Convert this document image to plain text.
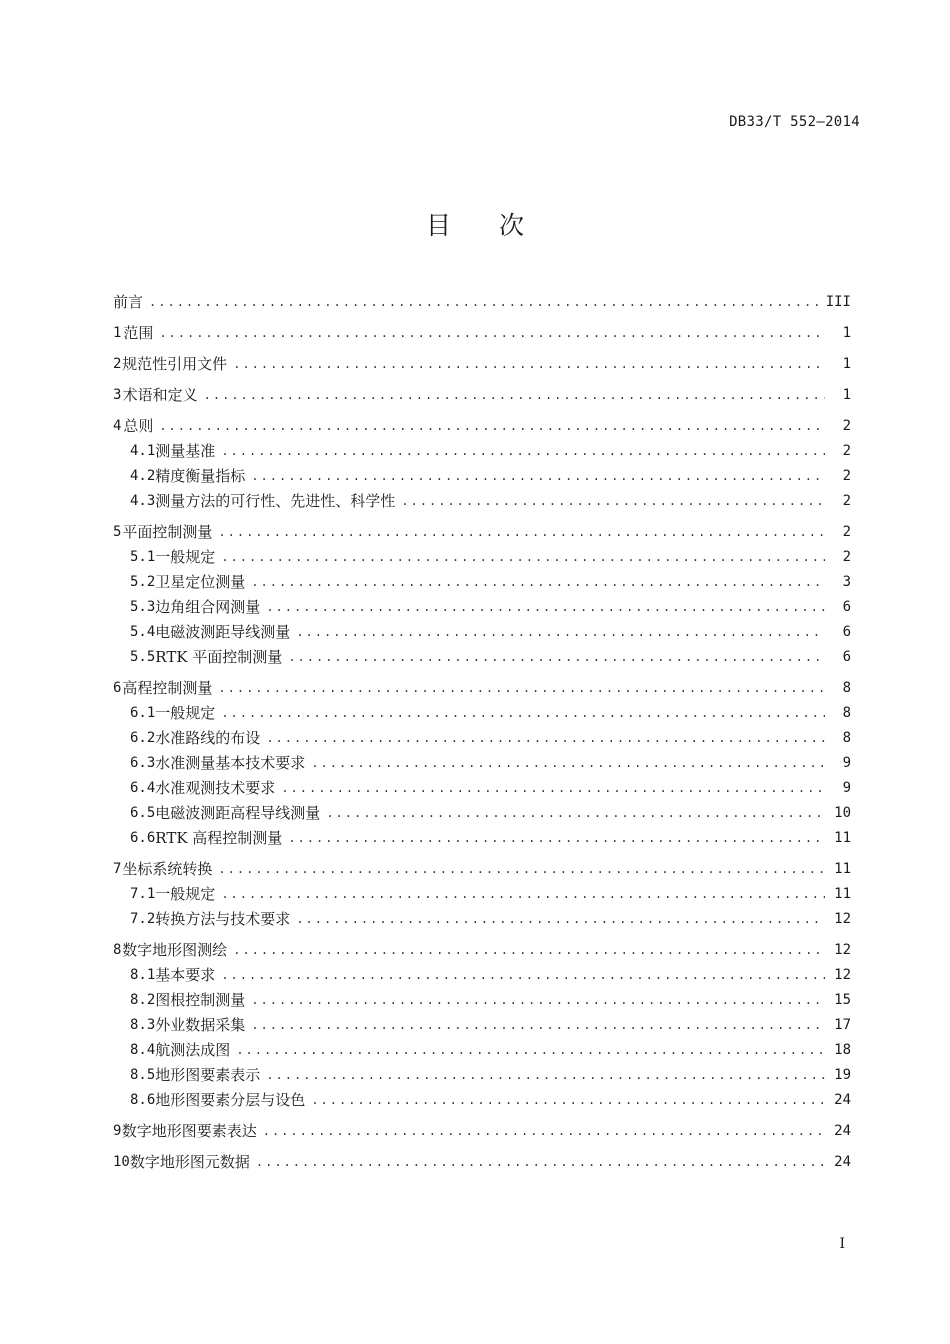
DB33/T 552—2014
目次
前言 .....	III
1 范围 .....	1
2 规范性引用文件 .....	1
3 术语和定义 .....	1
4 总则 .....	2
4.1 测量基准 .....	2
4.2 精度衡量指标 .....	2
4.3 测量方法的可行性、先进性、科学性 .....	2
5 平面控制测量 .....	2
5.1 一般规定 .....	2
5.2 卫星定位测量 .....	3
5.3 边角组合网测量 .....	6
5.4 电磁波测距导线测量 .....	6
5.5 RTK 平面控制测量 .....	6
6 高程控制测量 .....	8
6.1 一般规定 .....	8
6.2 水准路线的布设 .....	8
6.3 水准测量基本技术要求 .....	9
6.4 水准观测技术要求 .....	9
6.5 电磁波测距高程导线测量 .....	10
6.6 RTK 高程控制测量 .....	11
7 坐标系统转换 .....	11
7.1 一般规定 .....	11
7.2 转换方法与技术要求 .....	12
8 数字地形图测绘 .....	12
8.1 基本要求 .....	12
8.2 图根控制测量 .....	15
8.3 外业数据采集 .....	17
8.4 航测法成图 .....	18
8.5 地形图要素表示 .....	19
8.6 地形图要素分层与设色 .....	24
9 数字地形图要素表达 .....	24
10 数字地形图元数据 .....	24
I
